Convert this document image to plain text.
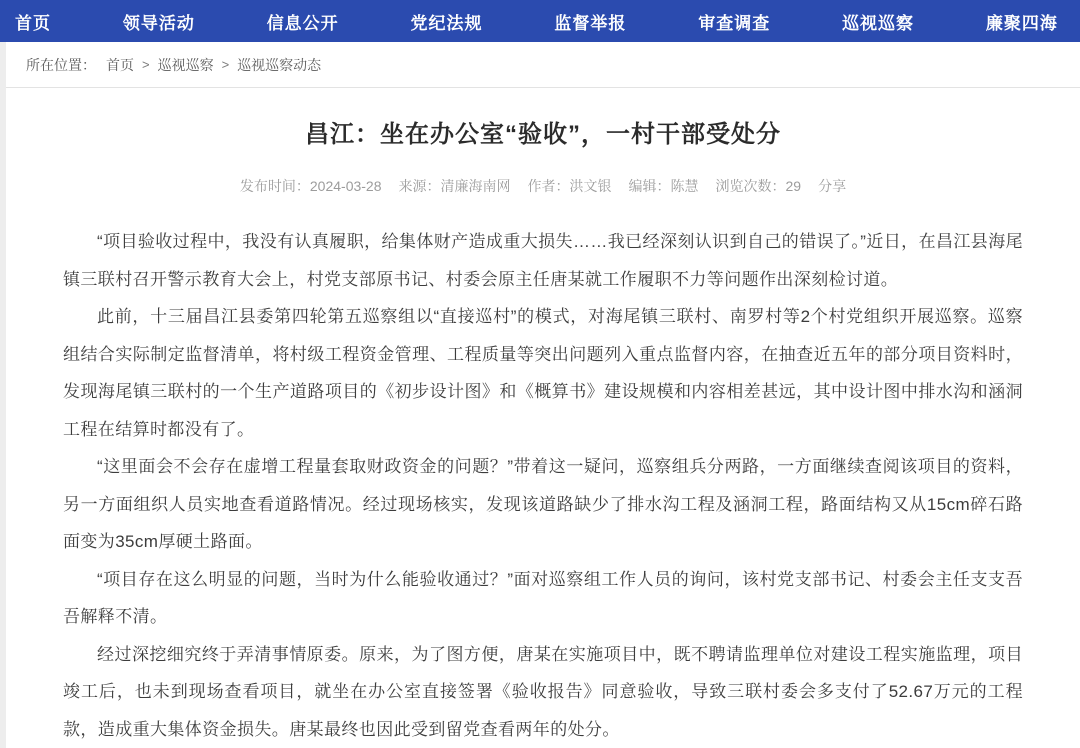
首页	领导活动	信息公开	党纪法规	监督举报	审查调查	巡视巡察	廉聚四海
所在位置： 首页 > 巡视巡察 > 巡视巡察动态
昌江：坐在办公室“验收”，一村干部受处分
发布时间：2024-03-28 来源：清廉海南网 作者：洪文银 编辑：陈慧 浏览次数：29 分享

“项目验收过程中，我没有认真履职，给集体财产造成重大损失……我已经深刻认识到自己的错误了。”近日，在昌江县海尾镇三联村召开警示教育大会上，村党支部原书记、村委会原主任唐某就工作履职不力等问题作出深刻检讨道。

此前，十三届昌江县委第四轮第五巡察组以“直接巡村”的模式，对海尾镇三联村、南罗村等2个村党组织开展巡察。巡察组结合实际制定监督清单，将村级工程资金管理、工程质量等突出问题列入重点监督内容，在抽查近五年的部分项目资料时，发现海尾镇三联村的一个生产道路项目的《初步设计图》和《概算书》建设规模和内容相差甚远，其中设计图中排水沟和涵洞工程在结算时都没有了。

“这里面会不会存在虚增工程量套取财政资金的问题？”带着这一疑问，巡察组兵分两路，一方面继续查阅该项目的资料，另一方面组织人员实地查看道路情况。经过现场核实，发现该道路缺少了排水沟工程及涵洞工程，路面结构又从15cm碎石路面变为35cm厚硬土路面。

“项目存在这么明显的问题，当时为什么能验收通过？”面对巡察组工作人员的询问，该村党支部书记、村委会主任支支吾吾解释不清。

经过深挖细究终于弄清事情原委。原来，为了图方便，唐某在实施项目中，既不聘请监理单位对建设工程实施监理，项目竣工后，也未到现场查看项目，就坐在办公室直接签署《验收报告》同意验收，导致三联村委会多支付了52.67万元的工程款，造成重大集体资金损失。唐某最终也因此受到留党查看两年的处分。
